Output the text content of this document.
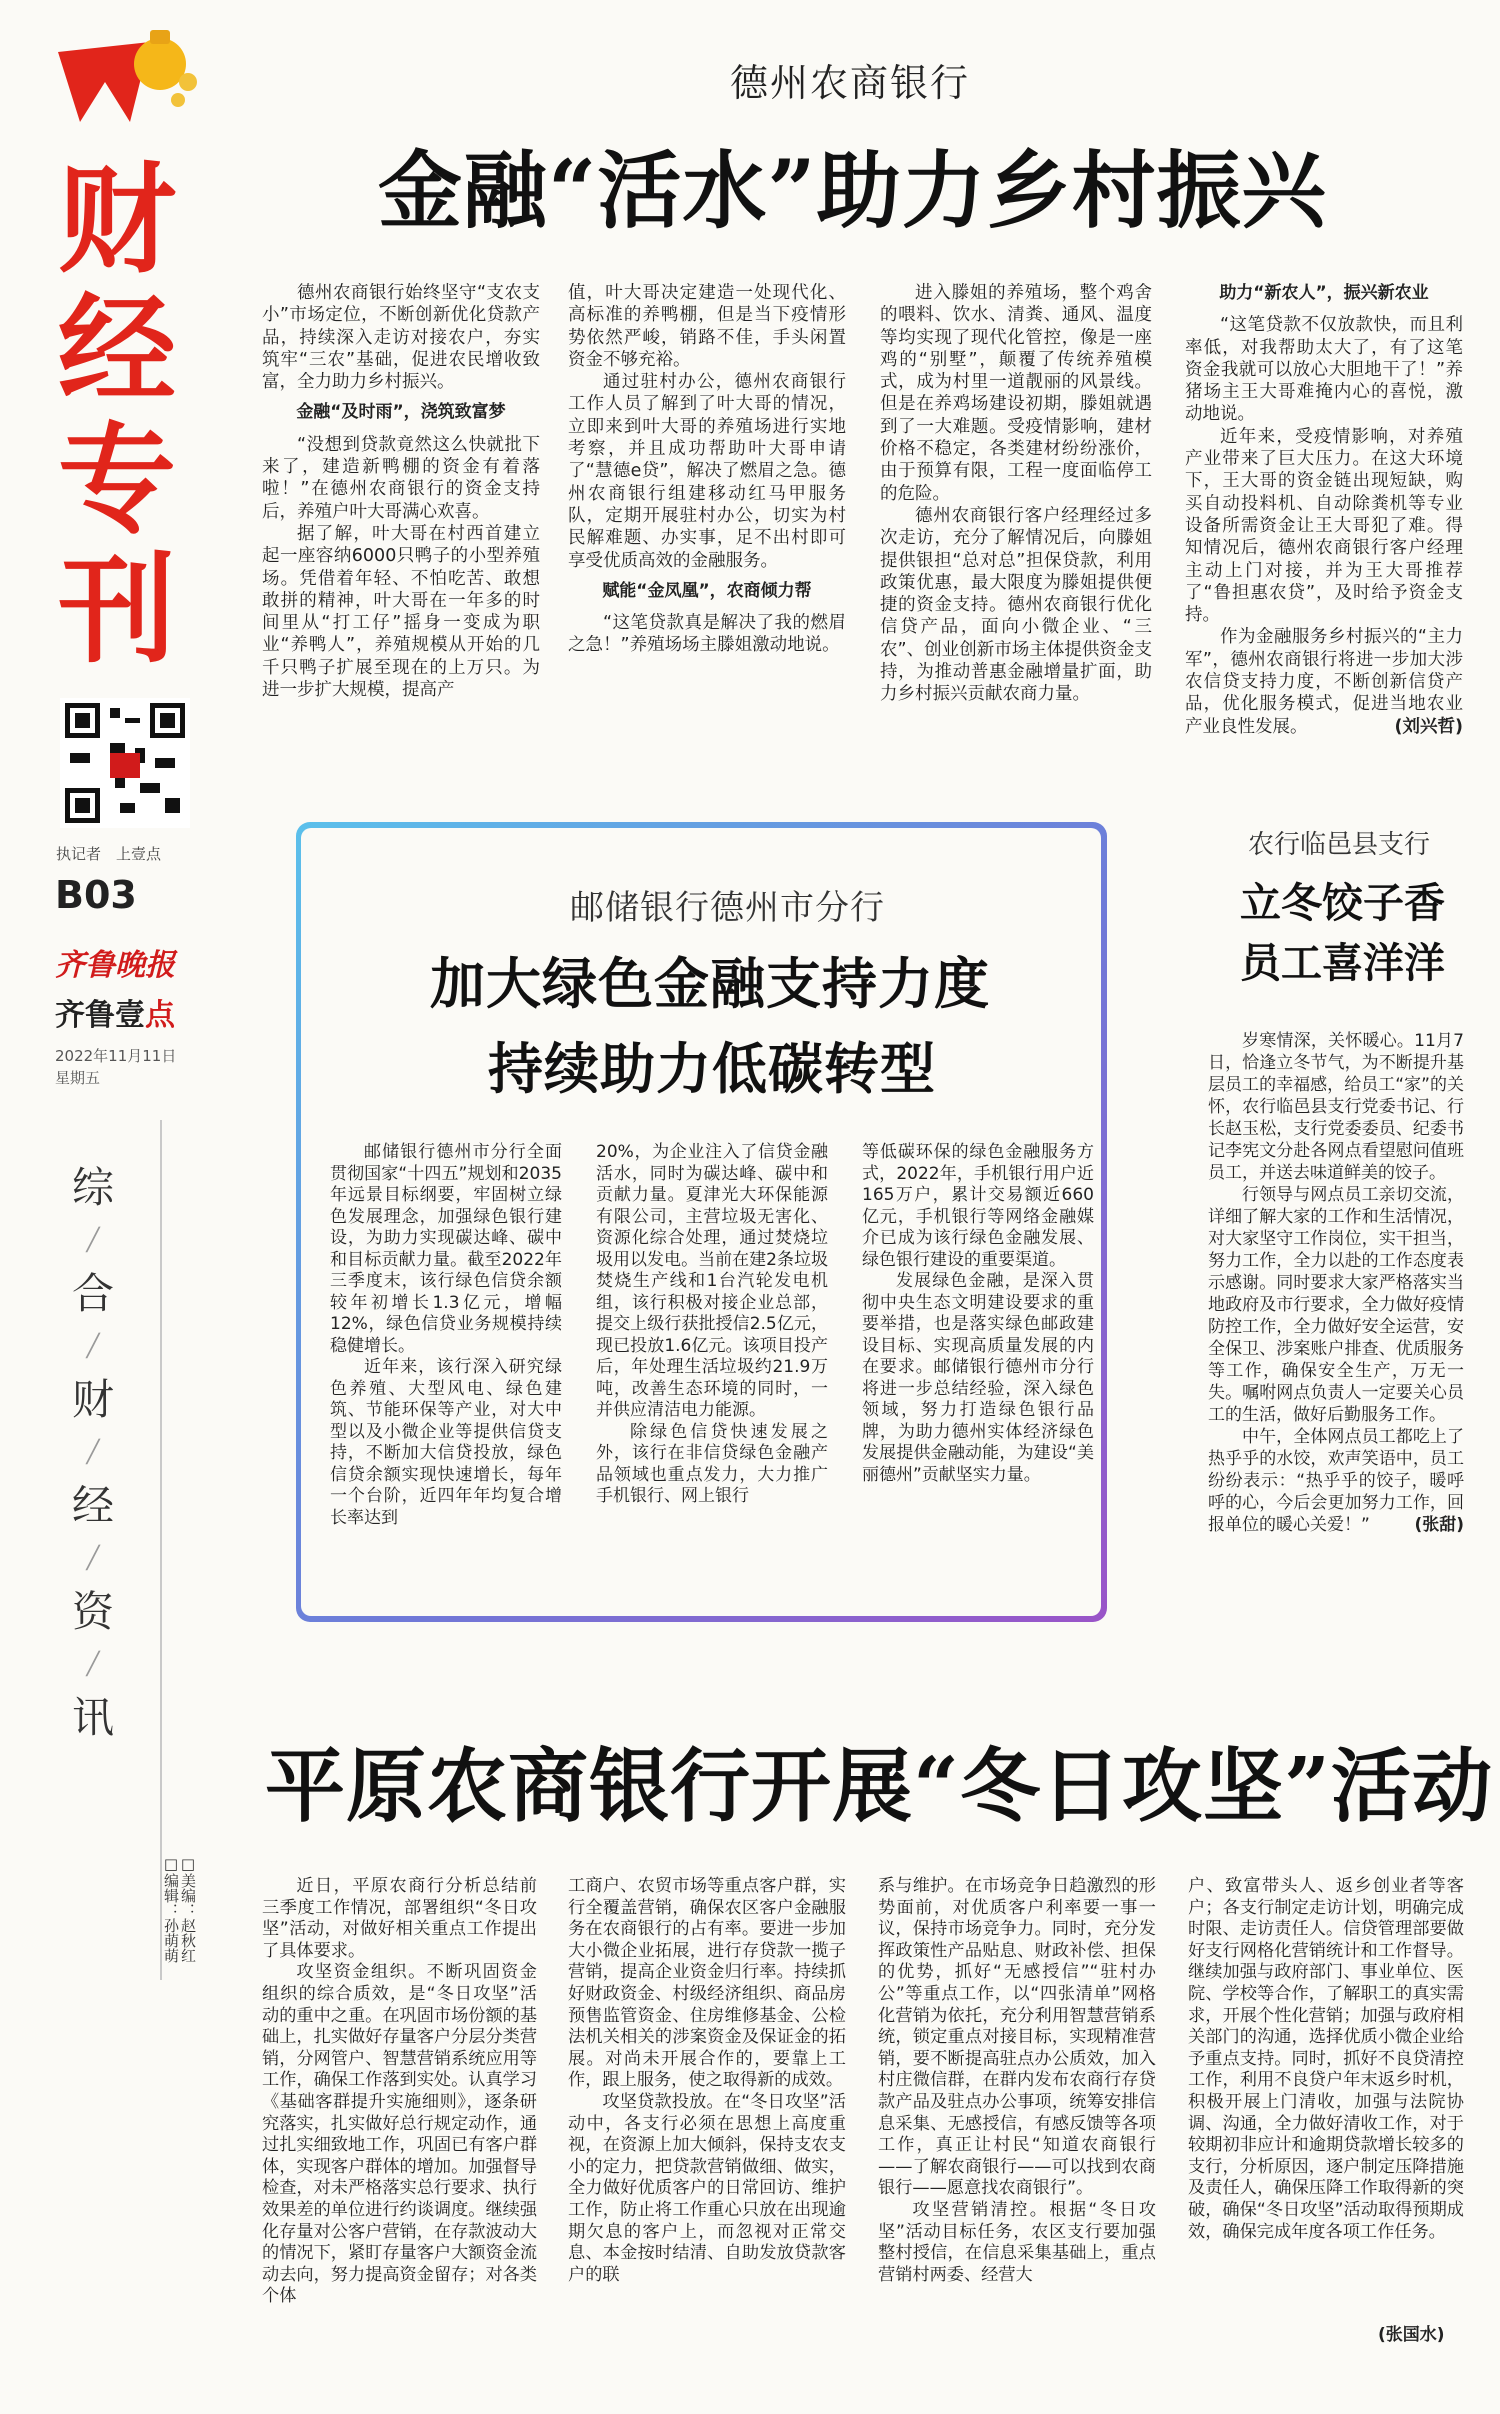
财
经
专
刊
执记者　上壹点
B03
齐鲁晚报
齐鲁壹点
2022年11月11日
星期五
综
╱
合
╱
财
╱
经
╱
资
╱
讯
□美编：赵秋红
□编辑：孙萌萌
德州农商银行
金融“活水”助力乡村振兴

德州农商银行始终坚守“支农支小”市场定位，不断创新优化贷款产品，持续深入走访对接农户，夯实筑牢“三农”基础，促进农民增收致富，全力助力乡村振兴。

金融“及时雨”，浇筑致富梦

“没想到贷款竟然这么快就批下来了，建造新鸭棚的资金有着落啦！”在德州农商银行的资金支持后，养殖户叶大哥满心欢喜。

据了解，叶大哥在村西首建立起一座容纳6000只鸭子的小型养殖场。凭借着年轻、不怕吃苦、敢想敢拼的精神，叶大哥在一年多的时间里从“打工仔”摇身一变成为职业“养鸭人”，养殖规模从开始的几千只鸭子扩展至现在的上万只。为进一步扩大规模，提高产

值，叶大哥决定建造一处现代化、高标准的养鸭棚，但是当下疫情形势依然严峻，销路不佳，手头闲置资金不够充裕。

通过驻村办公，德州农商银行工作人员了解到了叶大哥的情况，立即来到叶大哥的养殖场进行实地考察，并且成功帮助叶大哥申请了“慧德e贷”，解决了燃眉之急。德州农商银行组建移动红马甲服务队，定期开展驻村办公，切实为村民解难题、办实事，足不出村即可享受优质高效的金融服务。

赋能“金凤凰”，农商倾力帮

“这笔贷款真是解决了我的燃眉之急！”养殖场场主滕姐激动地说。

进入滕姐的养殖场，整个鸡舍的喂料、饮水、清粪、通风、温度等均实现了现代化管控，像是一座鸡的“别墅”，颠覆了传统养殖模式，成为村里一道靓丽的风景线。但是在养鸡场建设初期，滕姐就遇到了一大难题。受疫情影响，建材价格不稳定，各类建材纷纷涨价，由于预算有限，工程一度面临停工的危险。

德州农商银行客户经理经过多次走访，充分了解情况后，向滕姐提供银担“总对总”担保贷款，利用政策优惠，最大限度为滕姐提供便捷的资金支持。德州农商银行优化信贷产品，面向小微企业、“三农”、创业创新市场主体提供资金支持，为推动普惠金融增量扩面，助力乡村振兴贡献农商力量。

助力“新农人”，振兴新农业

“这笔贷款不仅放款快，而且利率低，对我帮助太大了，有了这笔资金我就可以放心大胆地干了！”养猪场主王大哥难掩内心的喜悦，激动地说。

近年来，受疫情影响，对养殖产业带来了巨大压力。在这大环境下，王大哥的资金链出现短缺，购买自动投料机、自动除粪机等专业设备所需资金让王大哥犯了难。得知情况后，德州农商银行客户经理主动上门对接，并为王大哥推荐了“鲁担惠农贷”，及时给予资金支持。

作为金融服务乡村振兴的“主力军”，德州农商银行将进一步加大涉农信贷支持力度，不断创新信贷产品，优化服务模式，促进当地农业产业良性发展。	(刘兴哲)

邮储银行德州市分行
加大绿色金融支持力度
持续助力低碳转型

邮储银行德州市分行全面贯彻国家“十四五”规划和2035年远景目标纲要，牢固树立绿色发展理念，加强绿色银行建设，为助力实现碳达峰、碳中和目标贡献力量。截至2022年三季度末，该行绿色信贷余额较年初增长1.3亿元，增幅12%，绿色信贷业务规模持续稳健增长。

近年来，该行深入研究绿色养殖、大型风电、绿色建筑、节能环保等产业，对大中型以及小微企业等提供信贷支持，不断加大信贷投放，绿色信贷余额实现快速增长，每年一个台阶，近四年年均复合增长率达到

20%，为企业注入了信贷金融活水，同时为碳达峰、碳中和贡献力量。夏津光大环保能源有限公司，主营垃圾无害化、资源化综合处理，通过焚烧垃圾用以发电。当前在建2条垃圾焚烧生产线和1台汽轮发电机组，该行积极对接企业总部，提交上级行获批授信2.5亿元，现已投放1.6亿元。该项目投产后，年处理生活垃圾约21.9万吨，改善生态环境的同时，一并供应清洁电力能源。

除绿色信贷快速发展之外，该行在非信贷绿色金融产品领域也重点发力，大力推广手机银行、网上银行

等低碳环保的绿色金融服务方式，2022年，手机银行用户近165万户，累计交易额近660亿元，手机银行等网络金融媒介已成为该行绿色金融发展、绿色银行建设的重要渠道。

发展绿色金融，是深入贯彻中央生态文明建设要求的重要举措，也是落实绿色邮政建设目标、实现高质量发展的内在要求。邮储银行德州市分行将进一步总结经验，深入绿色领域，努力打造绿色银行品牌，为助力德州实体经济绿色发展提供金融动能，为建设“美丽德州”贡献坚实力量。

农行临邑县支行
立冬饺子香
员工喜洋洋

岁寒情深，关怀暖心。11月7日，恰逢立冬节气，为不断提升基层员工的幸福感，给员工“家”的关怀，农行临邑县支行党委书记、行长赵玉松，支行党委委员、纪委书记李宪文分赴各网点看望慰问值班员工，并送去味道鲜美的饺子。

行领导与网点员工亲切交流，详细了解大家的工作和生活情况，对大家坚守工作岗位，实干担当，努力工作，全力以赴的工作态度表示感谢。同时要求大家严格落实当地政府及市行要求，全力做好疫情防控工作，全力做好安全运营，安全保卫、涉案账户排查、优质服务等工作，确保安全生产，万无一失。嘱咐网点负责人一定要关心员工的生活，做好后勤服务工作。

中午，全体网点员工都吃上了热乎乎的水饺，欢声笑语中，员工纷纷表示：“热乎乎的饺子，暖呼呼的心，今后会更加努力工作，回报单位的暖心关爱！”	(张甜)

平原农商银行开展“冬日攻坚”活动

近日，平原农商行分析总结前三季度工作情况，部署组织“冬日攻坚”活动，对做好相关重点工作提出了具体要求。

攻坚资金组织。不断巩固资金组织的综合质效，是“冬日攻坚”活动的重中之重。在巩固市场份额的基础上，扎实做好存量客户分层分类营销，分网管户、智慧营销系统应用等工作，确保工作落到实处。认真学习《基础客群提升实施细则》，逐条研究落实，扎实做好总行规定动作，通过扎实细致地工作，巩固已有客户群体，实现客户群体的增加。加强督导检查，对未严格落实总行要求、执行效果差的单位进行约谈调度。继续强化存量对公客户营销，在存款波动大的情况下，紧盯存量客户大额资金流动去向，努力提高资金留存；对各类个体

工商户、农贸市场等重点客户群，实行全覆盖营销，确保农区客户金融服务在农商银行的占有率。要进一步加大小微企业拓展，进行存贷款一揽子营销，提高企业资金归行率。持续抓好财政资金、村级经济组织、商品房预售监管资金、住房维修基金、公检法机关相关的涉案资金及保证金的拓展。对尚未开展合作的，要靠上工作，跟上服务，使之取得新的成效。

攻坚贷款投放。在“冬日攻坚”活动中，各支行必须在思想上高度重视，在资源上加大倾斜，保持支农支小的定力，把贷款营销做细、做实，全力做好优质客户的日常回访、维护工作，防止将工作重心只放在出现逾期欠息的客户上，而忽视对正常交息、本金按时结清、自助发放贷款客户的联

系与维护。在市场竞争日趋激烈的形势面前，对优质客户利率要一事一议，保持市场竞争力。同时，充分发挥政策性产品贴息、财政补偿、担保的优势，抓好“无感授信”“驻村办公”等重点工作，以“四张清单”网格化营销为依托，充分利用智慧营销系统，锁定重点对接目标，实现精准营销，要不断提高驻点办公质效，加入村庄微信群，在群内发布农商行存贷款产品及驻点办公事项，统筹安排信息采集、无感授信，有感反馈等各项工作，真正让村民“知道农商银行——了解农商银行——可以找到农商银行——愿意找农商银行”。

攻坚营销清控。根据“冬日攻坚”活动目标任务，农区支行要加强整村授信，在信息采集基础上，重点营销村两委、经营大

户、致富带头人、返乡创业者等客户；各支行制定走访计划，明确完成时限、走访责任人。信贷管理部要做好支行网格化营销统计和工作督导。继续加强与政府部门、事业单位、医院、学校等合作，了解职工的真实需求，开展个性化营销；加强与政府相关部门的沟通，选择优质小微企业给予重点支持。同时，抓好不良贷清控工作，利用不良贷户年末返乡时机，积极开展上门清收，加强与法院协调、沟通，全力做好清收工作，对于较期初非应计和逾期贷款增长较多的支行，分析原因，逐户制定压降措施及责任人，确保压降工作取得新的突破，确保“冬日攻坚”活动取得预期成效，确保完成年度各项工作任务。

(张国水)
